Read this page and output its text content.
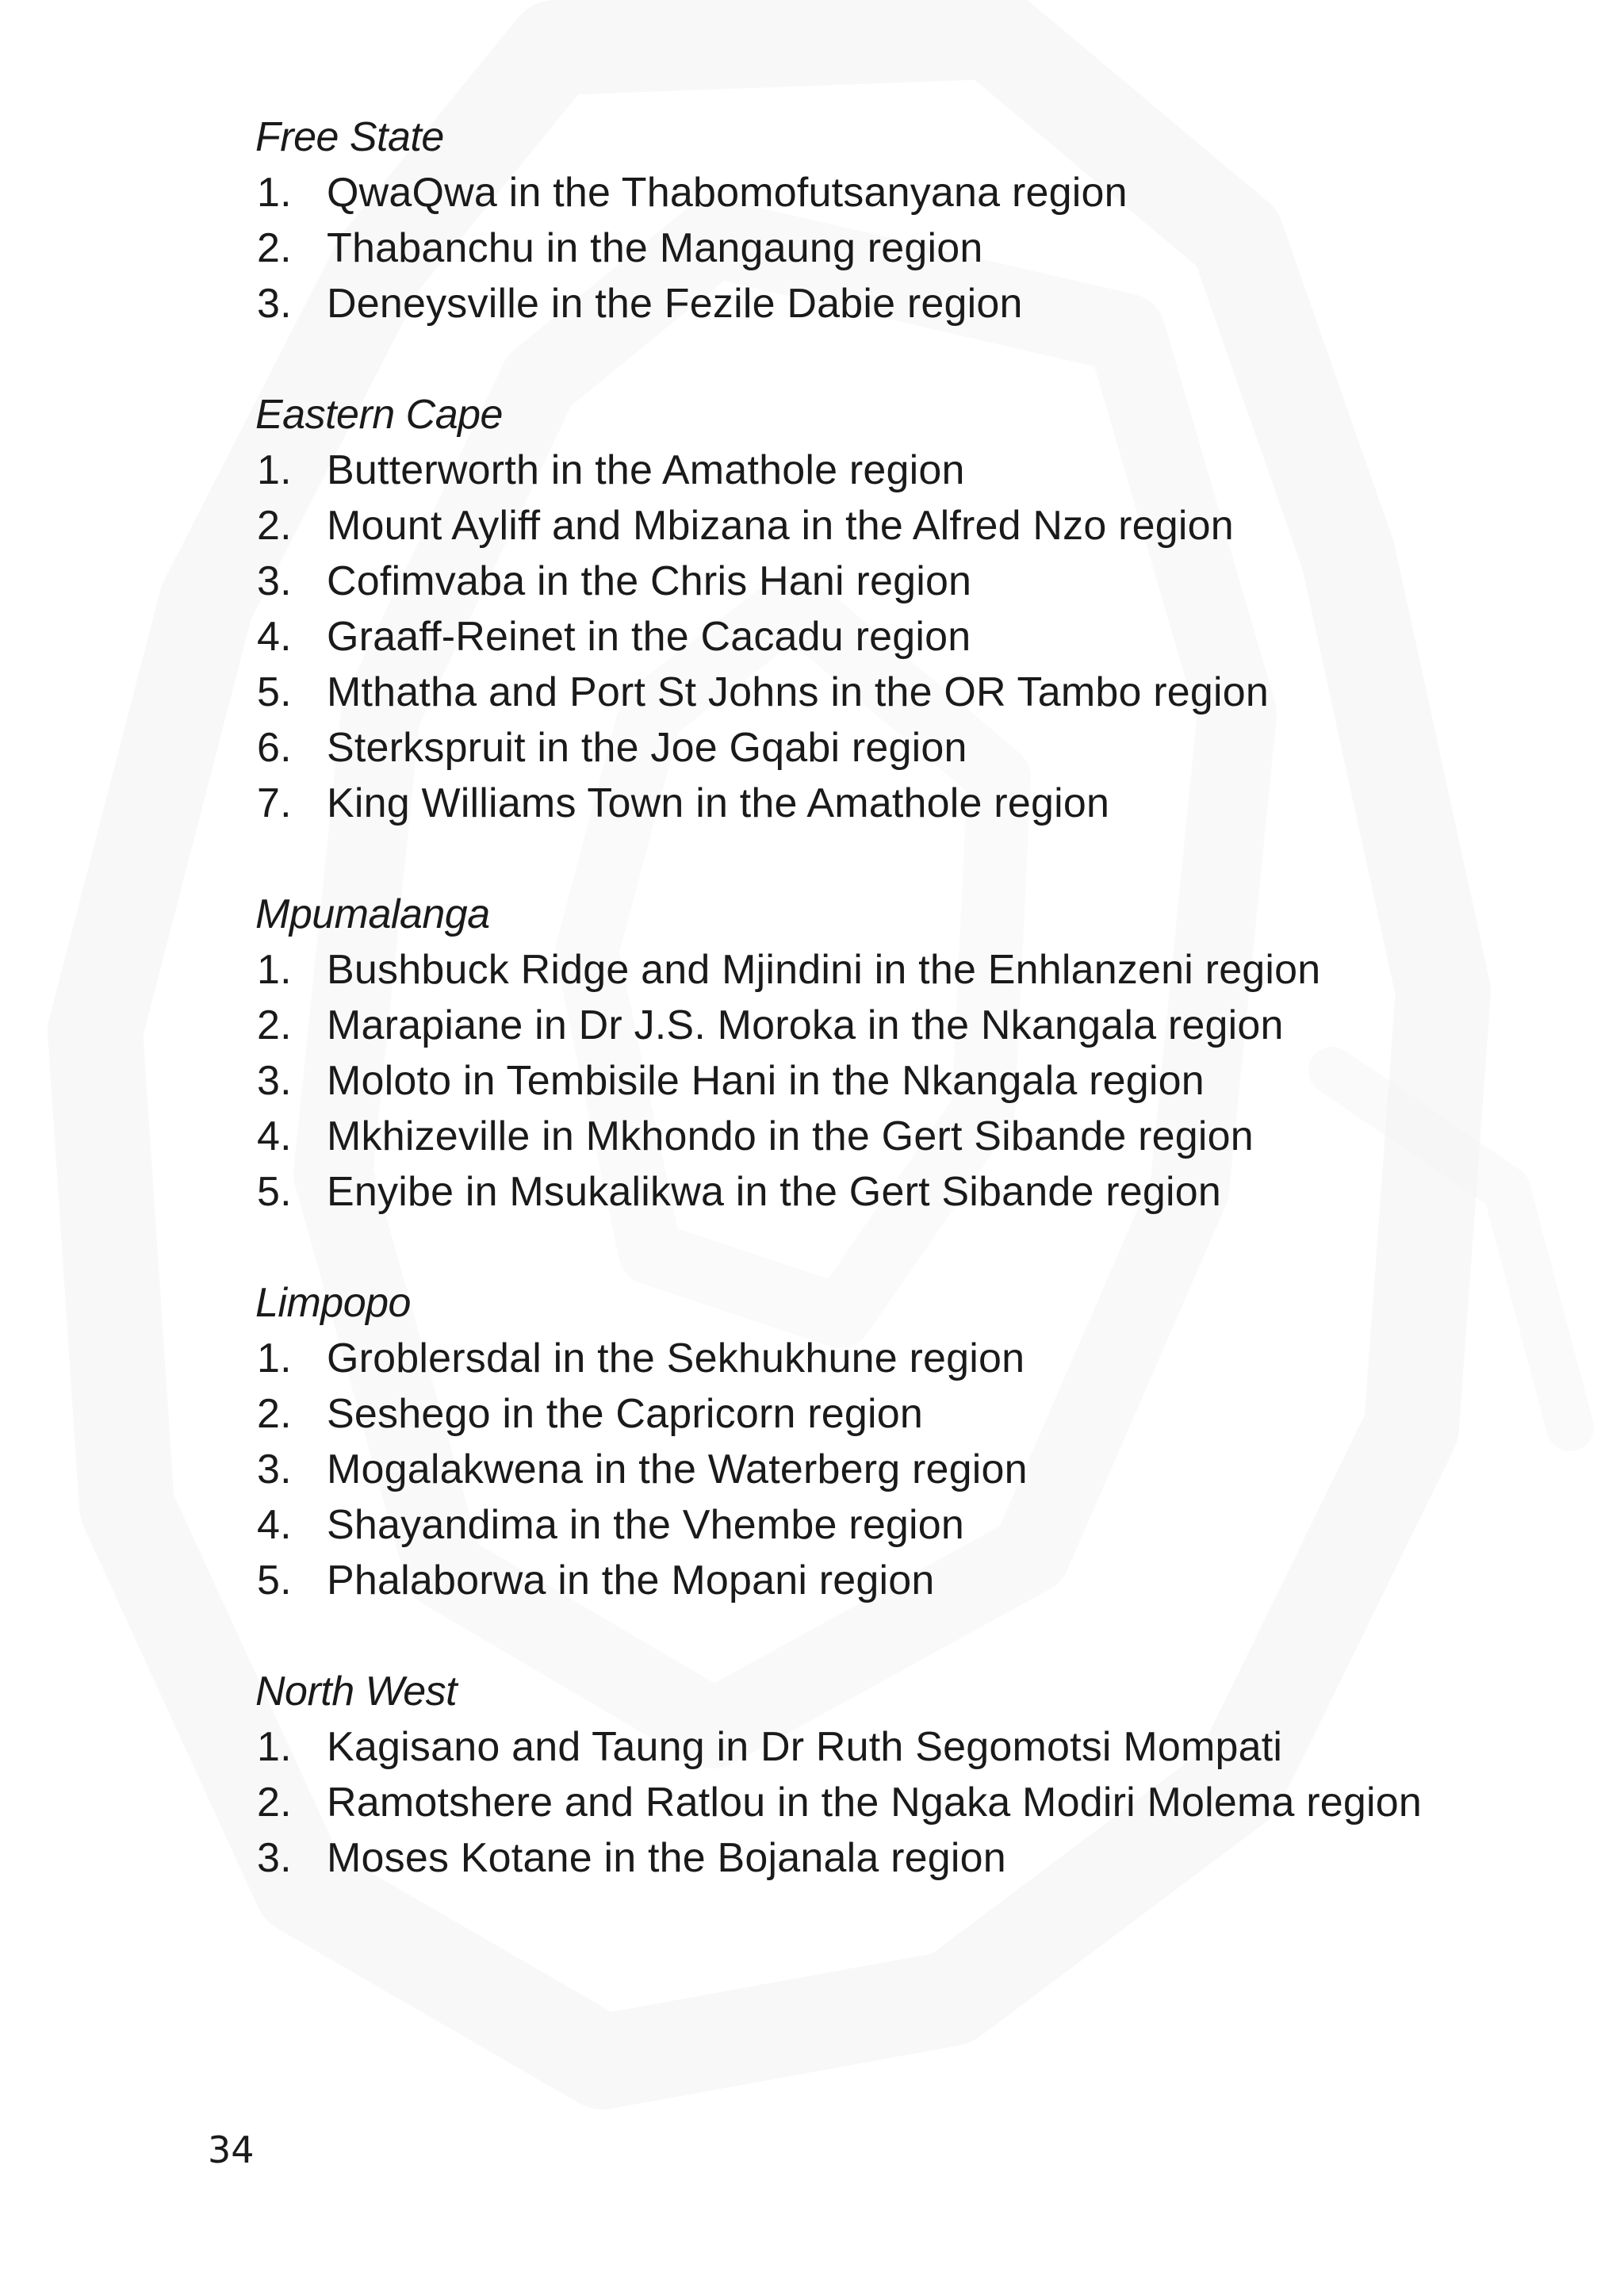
Free State
1. QwaQwa in the Thabomofutsanyana region
2. Thabanchu in the Mangaung region
3. Deneysville in the Fezile Dabie region
Eastern Cape
1. Butterworth in the Amathole region
2. Mount Ayliff and Mbizana in the Alfred Nzo region
3. Cofimvaba in the Chris Hani region
4. Graaff-Reinet in the Cacadu region
5. Mthatha and Port St Johns in the OR Tambo region
6. Sterkspruit in the Joe Gqabi region
7. King Williams Town in the Amathole region
Mpumalanga
1. Bushbuck Ridge and Mjindini in the Enhlanzeni region
2. Marapiane in Dr J.S. Moroka in the Nkangala region
3. Moloto in Tembisile Hani in the Nkangala region
4. Mkhizeville in Mkhondo in the Gert Sibande region
5. Enyibe in Msukalikwa in the Gert Sibande region
Limpopo
1. Groblersdal in the Sekhukhune region
2. Seshego in the Capricorn region
3. Mogalakwena in the Waterberg region
4. Shayandima in the Vhembe region
5. Phalaborwa in the Mopani region
North West
1. Kagisano and Taung in Dr Ruth Segomotsi Mompati
2. Ramotshere and Ratlou in the Ngaka Modiri Molema region
3. Moses Kotane in the Bojanala region
34
